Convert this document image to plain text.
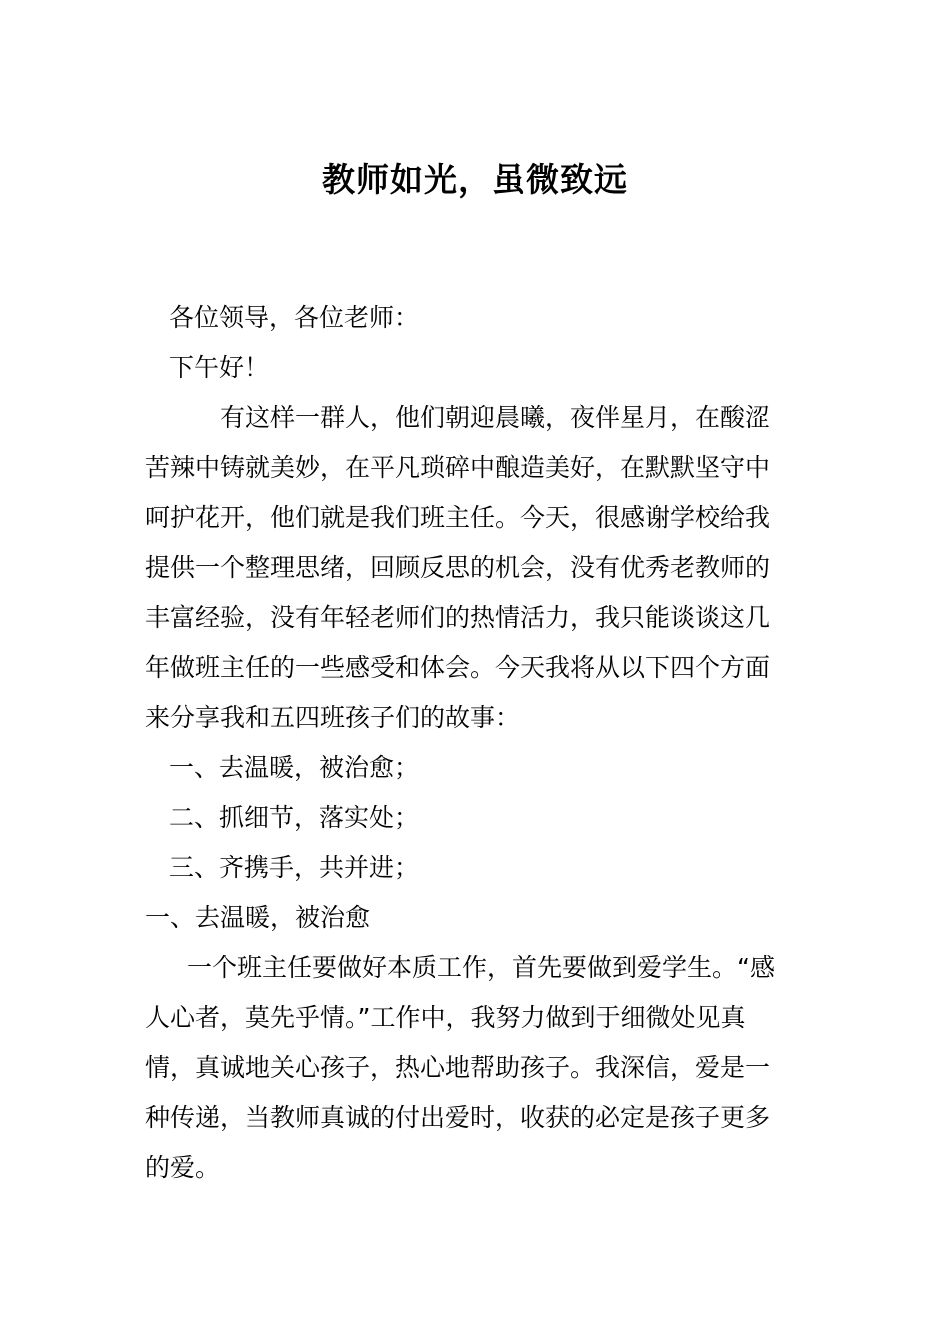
教师如光，虽微致远
各位领导，各位老师：
下午好！
有这样一群人，他们朝迎晨曦，夜伴星月，在酸涩
苦辣中铸就美妙，在平凡琐碎中酿造美好，在默默坚守中
呵护花开，他们就是我们班主任。今天，很感谢学校给我
提供一个整理思绪，回顾反思的机会，没有优秀老教师的
丰富经验，没有年轻老师们的热情活力，我只能谈谈这几
年做班主任的一些感受和体会。今天我将从以下四个方面
来分享我和五四班孩子们的故事：
一、去温暖，被治愈；
二、抓细节，落实处；
三、齐携手，共并进；
一、去温暖，被治愈
一个班主任要做好本质工作，首先要做到爱学生。“感
人心者，莫先乎情。”工作中，我努力做到于细微处见真
情，真诚地关心孩子，热心地帮助孩子。我深信，爱是一
种传递，当教师真诚的付出爱时，收获的必定是孩子更多
的爱。
